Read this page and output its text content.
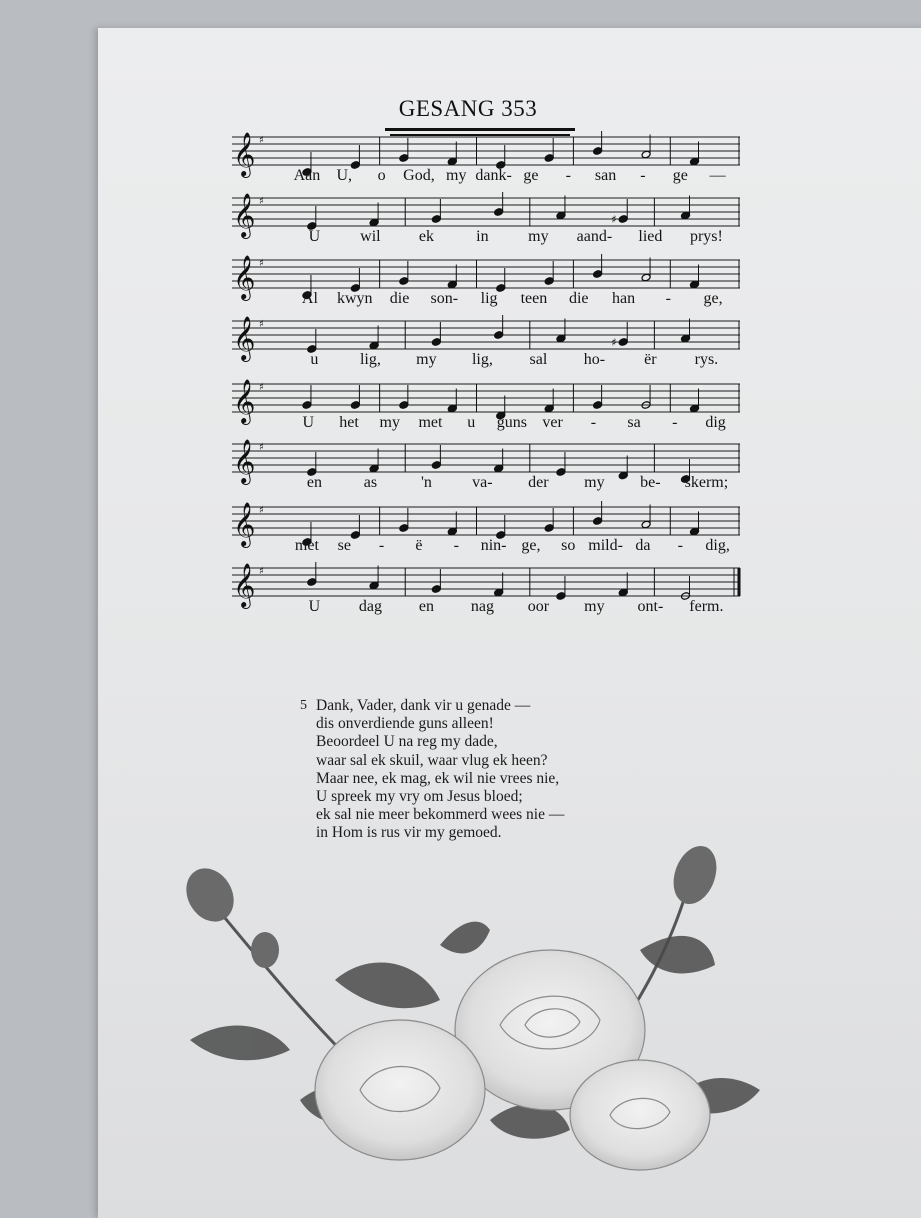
GESANG 353
𝄞 ♯
Aan U, o God, my dank- ge - san - ge —
𝄞 ♯
♯
U wil ek	in my aand- lied prys!
𝄞 ♯
Al kwyn die son- lig teen die han - ge,
𝄞 ♯
♯
u	lig, my lig, sal ho- ër rys.
𝄞 ♯
U het my met u guns ver - sa - dig
𝄞 ♯
en	as	'n	va- der my be- skerm;
𝄞 ♯
met se - ë - nin- ge, so mild- da - dig,
𝄞 ♯
U dag en nag oor my ont- ferm.
5 Dank, Vader, dank vir u genade —
dis onverdiende guns alleen!
Beoordeel U na reg my dade,
waar sal ek skuil, waar vlug ek heen?
Maar nee, ek mag, ek wil nie vrees nie,
U spreek my vry om Jesus bloed;
ek sal nie meer bekommerd wees nie —
in Hom is rus vir my gemoed.
